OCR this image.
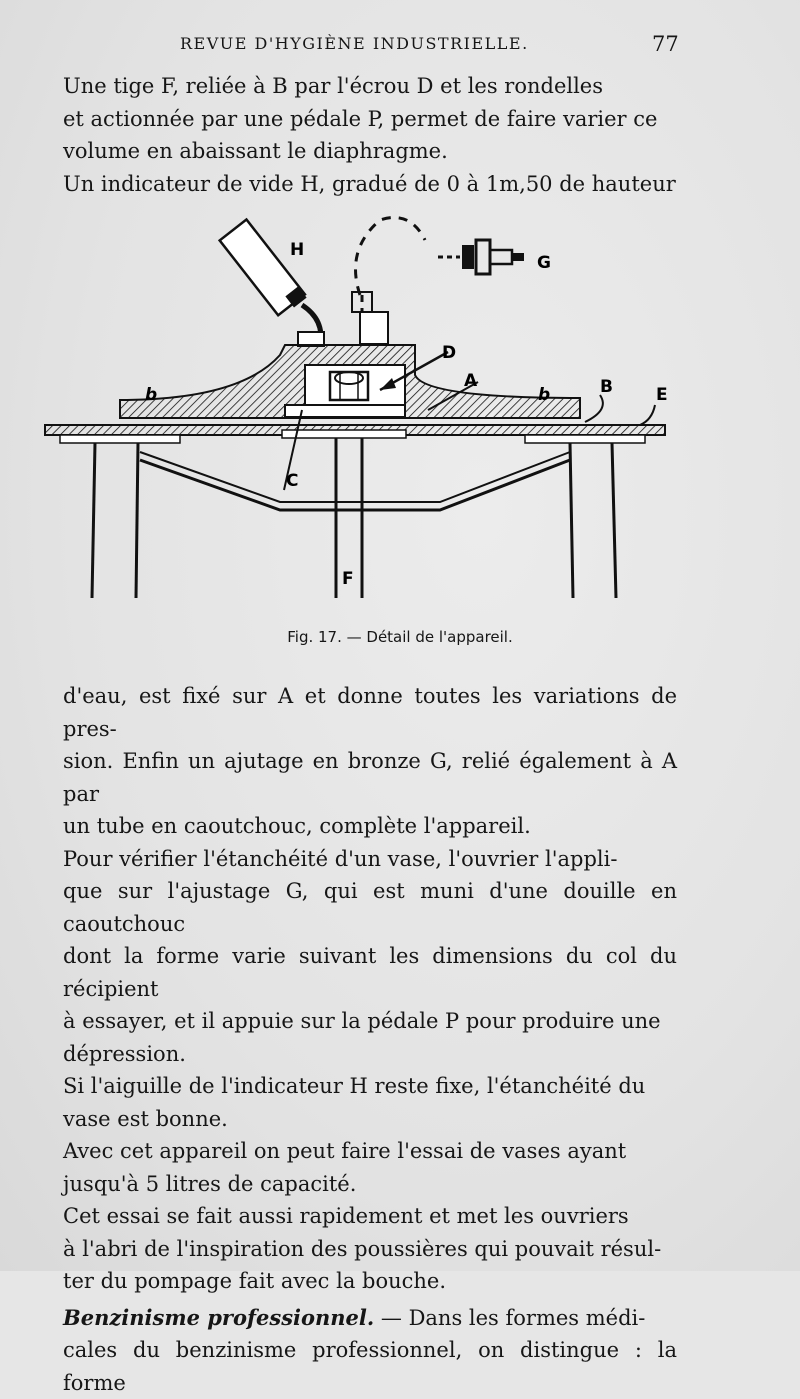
REVUE D'HYGIÈNE INDUSTRIELLE.	77

Une tige F, reliée à B par l'écrou D et les rondelles

et actionnée par une pédale P, permet de faire varier ce

volume en abaissant le diaphragme.

Un indicateur de vide H, gradué de 0 à 1m,50 de hauteur

H
G
D
A
b	b	B	E
C
F
Fig. 17. — Détail de l'appareil.

d'eau, est fixé sur A et donne toutes les variations de pres-

sion. Enfin un ajutage en bronze G, relié également à A par

un tube en caoutchouc, complète l'appareil.

Pour vérifier l'étanchéité d'un vase, l'ouvrier l'appli-

que sur l'ajustage G, qui est muni d'une douille en caoutchouc

dont la forme varie suivant les dimensions du col du récipient

à essayer, et il appuie sur la pédale P pour produire une

dépression.

Si l'aiguille de l'indicateur H reste fixe, l'étanchéité du

vase est bonne.

Avec cet appareil on peut faire l'essai de vases ayant

jusqu'à 5 litres de capacité.

Cet essai se fait aussi rapidement et met les ouvriers

à l'abri de l'inspiration des poussières qui pouvait résul-

ter du pompage fait avec la bouche.

Benzinisme professionnel. — Dans les formes médi-

cales du benzinisme professionnel, on distingue : la forme
